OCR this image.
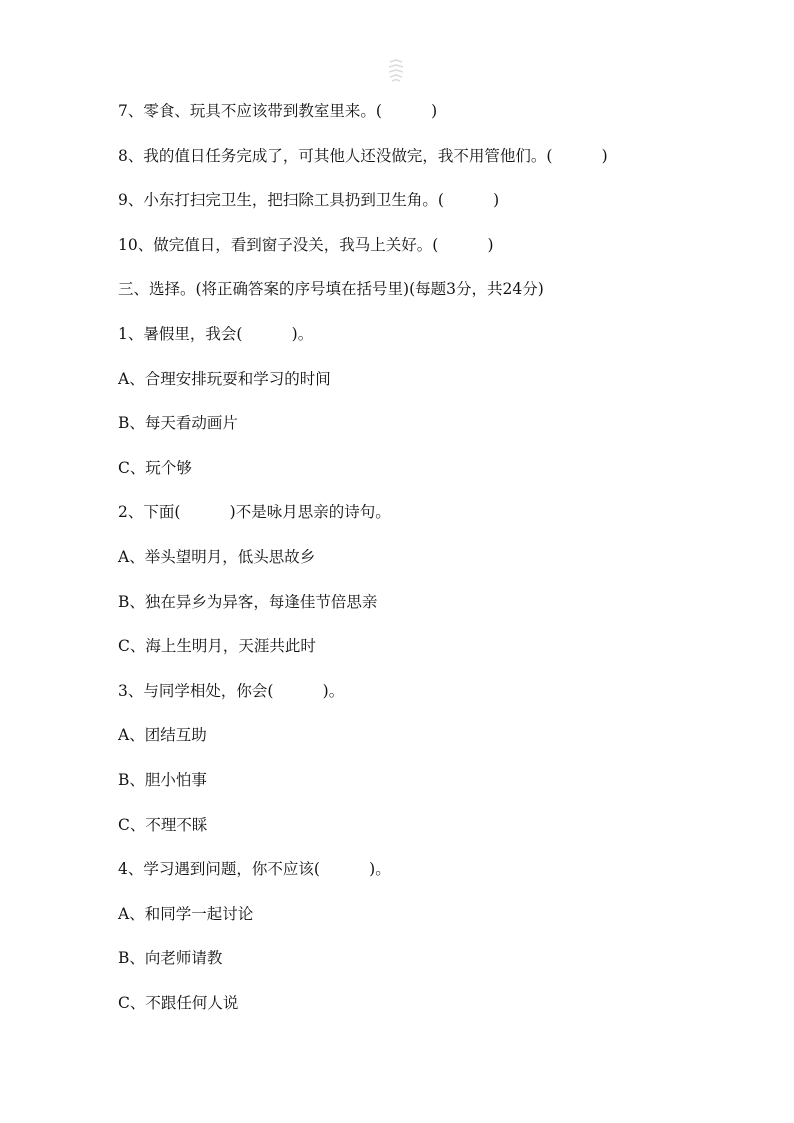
7、零食、玩具不应该带到教室里来。(          )
8、我的值日任务完成了，可其他人还没做完，我不用管他们。(          )
9、小东打扫完卫生，把扫除工具扔到卫生角。(          )
10、做完值日，看到窗子没关，我马上关好。(          )
三、选择。(将正确答案的序号填在括号里)(每题3分，共24分)
1、暑假里，我会(          )。
A、合理安排玩耍和学习的时间
B、每天看动画片
C、玩个够
2、下面(          )不是咏月思亲的诗句。
A、举头望明月，低头思故乡
B、独在异乡为异客，每逢佳节倍思亲
C、海上生明月，天涯共此时
3、与同学相处，你会(          )。
A、团结互助
B、胆小怕事
C、不理不睬
4、学习遇到问题，你不应该(          )。
A、和同学一起讨论
B、向老师请教
C、不跟任何人说
